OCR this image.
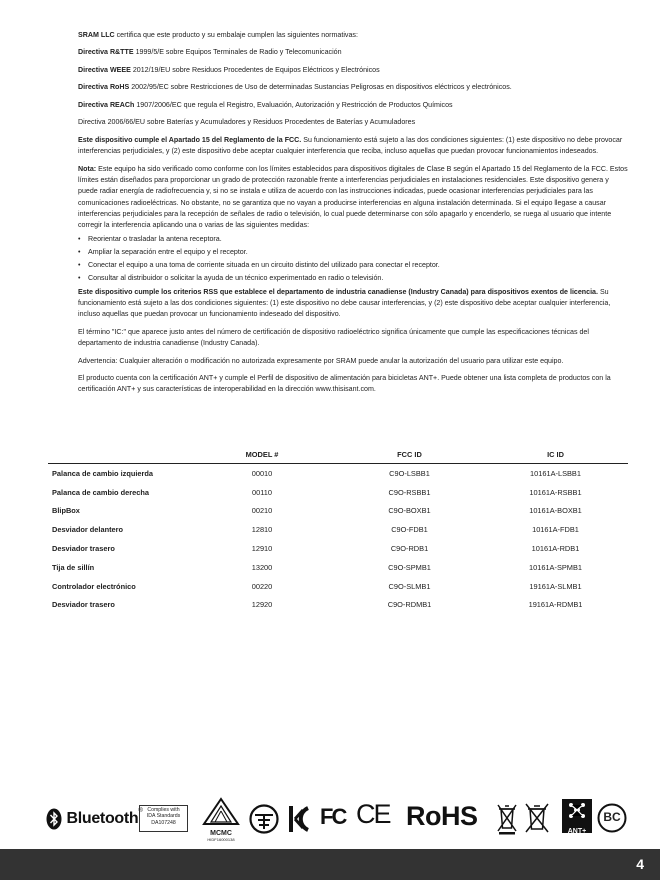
SRAM LLC certifica que este producto y su embalaje cumplen las siguientes normativas:

Directiva R&TTE 1999/5/E sobre Equipos Terminales de Radio y Telecomunicación

Directiva WEEE 2012/19/EU sobre Residuos Procedentes de Equipos Eléctricos y Electrónicos

Directiva RoHS 2002/95/EC sobre Restricciones de Uso de determinadas Sustancias Peligrosas en dispositivos eléctricos y electrónicos.

Directiva REACh 1907/2006/EC que regula el Registro, Evaluación, Autorización y Restricción de Productos Químicos

Directiva 2006/66/EU sobre Baterías y Acumuladores y Residuos Procedentes de Baterías y Acumuladores

Este dispositivo cumple el Apartado 15 del Reglamento de la FCC. Su funcionamiento está sujeto a las dos condiciones siguientes: (1) este dispositivo no debe provocar interferencias perjudiciales, y (2) este dispositivo debe aceptar cualquier interferencia que reciba, incluso aquellas que puedan provocar funcionamientos indeseados.

Nota: Este equipo ha sido verificado como conforme con los límites establecidos para dispositivos digitales de Clase B según el Apartado 15 del Reglamento de la FCC. Estos límites están diseñados para proporcionar un grado de protección razonable frente a interferencias perjudiciales en instalaciones residenciales. Este dispositivo genera y puede radiar energía de radiofrecuencia y, si no se instala e utiliza de acuerdo con las instrucciones indicadas, puede ocasionar interferencias perjudiciales para las comunicaciones radioeléctricas. No obstante, no se garantiza que no vayan a producirse interferencias en alguna instalación determinada. Si el equipo llegase a causar interferencias perjudiciales para la recepción de señales de radio o televisión, lo cual puede determinarse con sólo apagarlo y encenderlo, se ruega al usuario que intente corregir la interferencia aplicando una o varias de las siguientes medidas:

• Reorientar o trasladar la antena receptora.
• Ampliar la separación entre el equipo y el receptor.
• Conectar el equipo a una toma de corriente situada en un circuito distinto del utilizado para conectar el receptor.
• Consultar al distribuidor o solicitar la ayuda de un técnico experimentado en radio o televisión.

Este dispositivo cumple los criterios RSS que establece el departamento de industria canadiense (Industry Canada) para dispositivos exentos de licencia. Su funcionamiento está sujeto a las dos condiciones siguientes: (1) este dispositivo no debe causar interferencias, y (2) este dispositivo debe aceptar cualquier interferencia, incluso aquellas que puedan provocar un funcionamiento indeseado del dispositivo.

El término "IC:" que aparece justo antes del número de certificación de dispositivo radioeléctrico significa únicamente que cumple las especificaciones técnicas del departamento de industria canadiense (Industry Canada).

Advertencia: Cualquier alteración o modificación no autorizada expresamente por SRAM puede anular la autorización del usuario para utilizar este equipo.

El producto cuenta con la certificación ANT+ y cumple el Perfil de dispositivo de alimentación para bicicletas ANT+. Puede obtener una lista completa de productos con la certificación ANT+ y sus características de interoperabilidad en la dirección www.thisisant.com.

	MODEL #	FCC ID	IC ID
Palanca de cambio izquierda	00010	C9O-LSBB1	10161A-LSBB1
Palanca de cambio derecha	00110	C9O-RSBB1	10161A-RSBB1
BlipBox	00210	C9O-BOXB1	10161A-BOXB1
Desviador delantero	12810	C9O-FDB1	10161A-FDB1
Desviador trasero	12910	C9O-RDB1	10161A-RDB1
Tija de sillín	13200	C9O-SPMB1	10161A-SPMB1
Controlador electrónico	00220	C9O-SLMB1	19161A-SLMB1
Desviador trasero	12920	C9O-RDMB1	19161A-RDMB1
Bluetooth® Complies with
IDA Standards
DA107248
MCMC
HIDF16000138
FC CE RoHS
ANT+
BC
4
